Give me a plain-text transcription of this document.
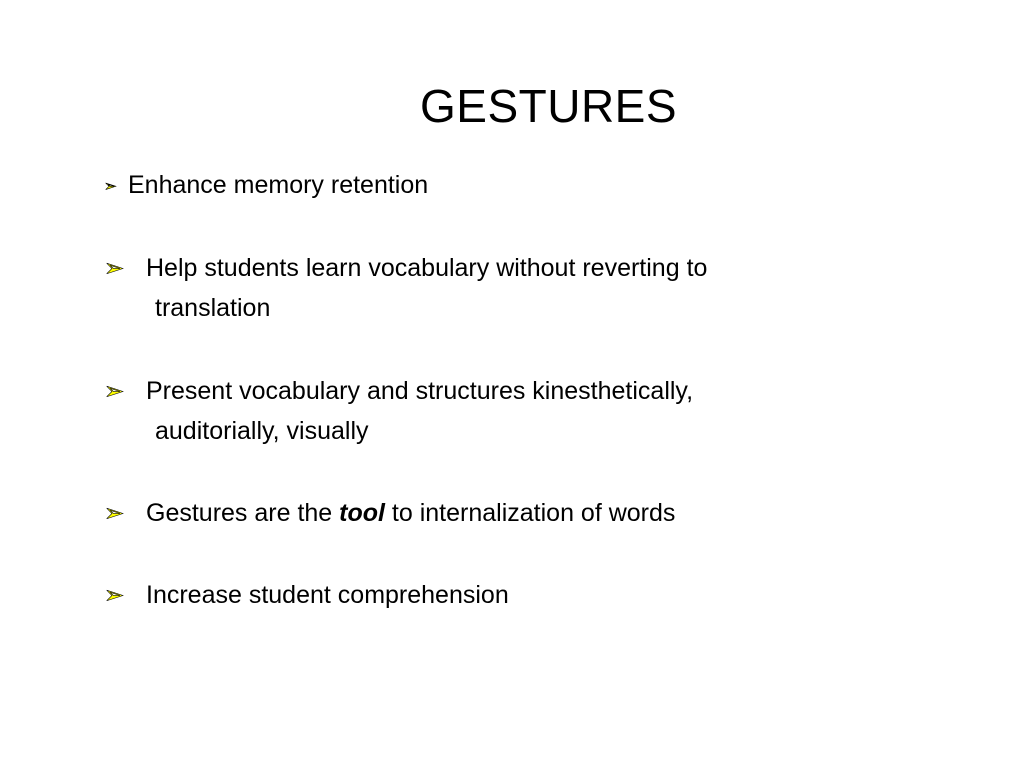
GESTURES
➢ Enhance memory retention
➢ Help students learn vocabulary without reverting to
translation
➢ Present vocabulary and structures kinesthetically,
auditorially, visually
➢ Gestures are the tool to internalization of words
➢ Increase student comprehension
